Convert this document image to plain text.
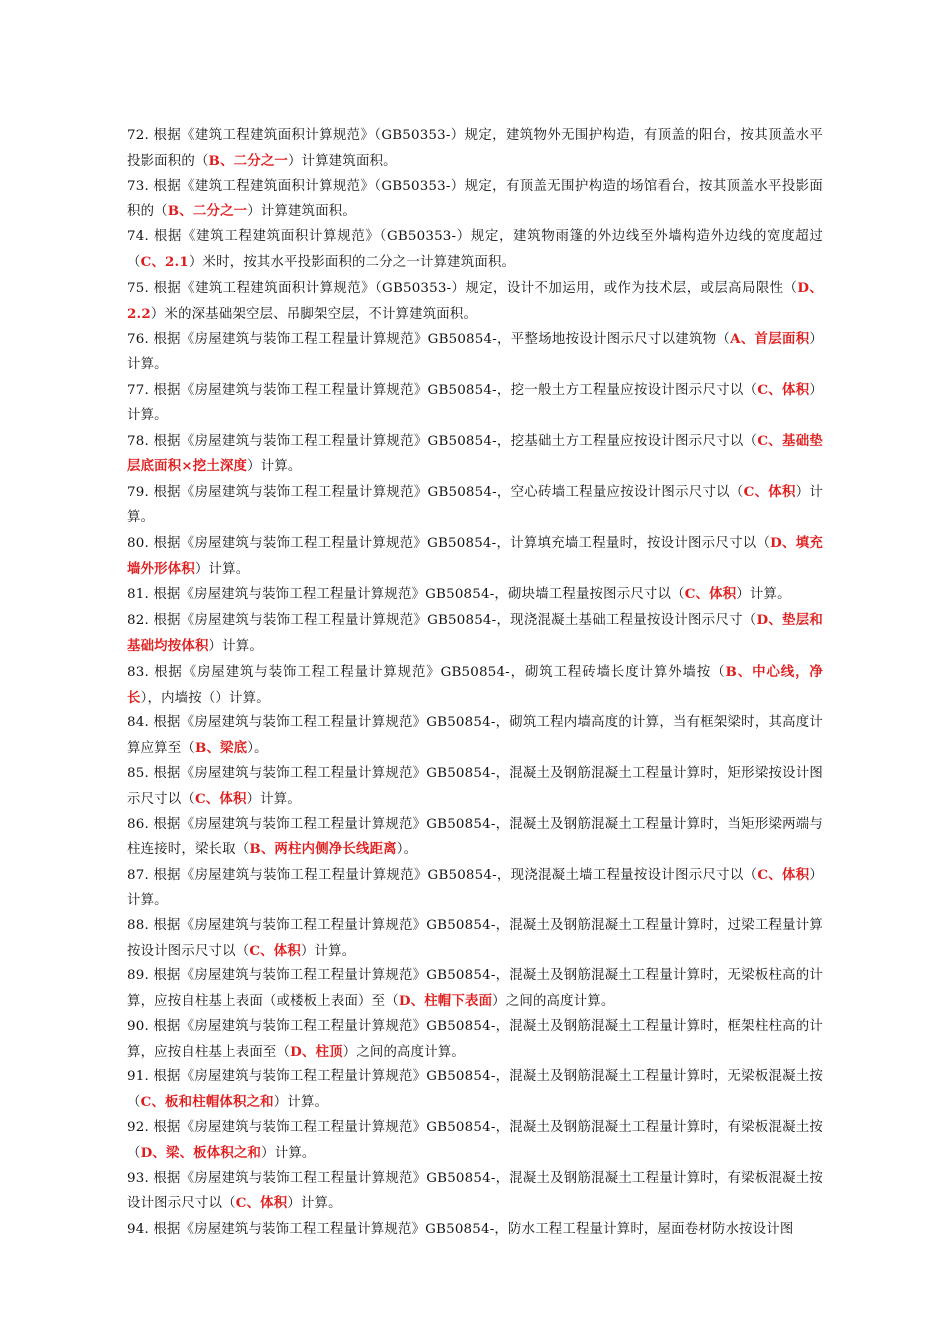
72. 根据《建筑工程建筑面积计算规范》（GB50353-）规定，建筑物外无围护构造，有顶盖的阳台，按其顶盖水平投影面积的（B、二分之一）计算建筑面积。

73. 根据《建筑工程建筑面积计算规范》（GB50353-）规定，有顶盖无围护构造的场馆看台，按其顶盖水平投影面积的（B、二分之一）计算建筑面积。

74. 根据《建筑工程建筑面积计算规范》（GB50353-）规定，建筑物雨篷的外边线至外墙构造外边线的宽度超过（C、2.1）米时，按其水平投影面积的二分之一计算建筑面积。

75. 根据《建筑工程建筑面积计算规范》（GB50353-）规定，设计不加运用，或作为技术层，或层高局限性（D、2.2）米的深基础架空层、吊脚架空层，不计算建筑面积。

76. 根据《房屋建筑与装饰工程工程量计算规范》GB50854-，平整场地按设计图示尺寸以建筑物（A、首层面积）计算。

77. 根据《房屋建筑与装饰工程工程量计算规范》GB50854-，挖一般土方工程量应按设计图示尺寸以（C、体积）计算。

78. 根据《房屋建筑与装饰工程工程量计算规范》GB50854-，挖基础土方工程量应按设计图示尺寸以（C、基础垫层底面积×挖土深度）计算。

79. 根据《房屋建筑与装饰工程工程量计算规范》GB50854-，空心砖墙工程量应按设计图示尺寸以（C、体积）计算。

80. 根据《房屋建筑与装饰工程工程量计算规范》GB50854-，计算填充墙工程量时，按设计图示尺寸以（D、填充墙外形体积）计算。

81. 根据《房屋建筑与装饰工程工程量计算规范》GB50854-，砌块墙工程量按图示尺寸以（C、体积）计算。

82. 根据《房屋建筑与装饰工程工程量计算规范》GB50854-，现浇混凝土基础工程量按设计图示尺寸（D、垫层和基础均按体积）计算。

83. 根据《房屋建筑与装饰工程工程量计算规范》GB50854-，砌筑工程砖墙长度计算外墙按（B、中心线，净长），内墙按（）计算。

84. 根据《房屋建筑与装饰工程工程量计算规范》GB50854-，砌筑工程内墙高度的计算，当有框架梁时，其高度计算应算至（B、梁底）。

85. 根据《房屋建筑与装饰工程工程量计算规范》GB50854-，混凝土及钢筋混凝土工程量计算时，矩形梁按设计图示尺寸以（C、体积）计算。

86. 根据《房屋建筑与装饰工程工程量计算规范》GB50854-，混凝土及钢筋混凝土工程量计算时，当矩形梁两端与柱连接时，梁长取（B、两柱内侧净长线距离）。

87. 根据《房屋建筑与装饰工程工程量计算规范》GB50854-，现浇混凝土墙工程量按设计图示尺寸以（C、体积）计算。

88. 根据《房屋建筑与装饰工程工程量计算规范》GB50854-，混凝土及钢筋混凝土工程量计算时，过梁工程量计算按设计图示尺寸以（C、体积）计算。

89. 根据《房屋建筑与装饰工程工程量计算规范》GB50854-，混凝土及钢筋混凝土工程量计算时，无梁板柱高的计算，应按自柱基上表面（或楼板上表面）至（D、柱帽下表面）之间的高度计算。

90. 根据《房屋建筑与装饰工程工程量计算规范》GB50854-，混凝土及钢筋混凝土工程量计算时，框架柱柱高的计算，应按自柱基上表面至（D、柱顶）之间的高度计算。

91. 根据《房屋建筑与装饰工程工程量计算规范》GB50854-，混凝土及钢筋混凝土工程量计算时，无梁板混凝土按（C、板和柱帽体积之和）计算。

92. 根据《房屋建筑与装饰工程工程量计算规范》GB50854-，混凝土及钢筋混凝土工程量计算时，有梁板混凝土按（D、梁、板体积之和）计算。

93. 根据《房屋建筑与装饰工程工程量计算规范》GB50854-，混凝土及钢筋混凝土工程量计算时，有梁板混凝土按设计图示尺寸以（C、体积）计算。

94. 根据《房屋建筑与装饰工程工程量计算规范》GB50854-，防水工程工程量计算时，屋面卷材防水按设计图
